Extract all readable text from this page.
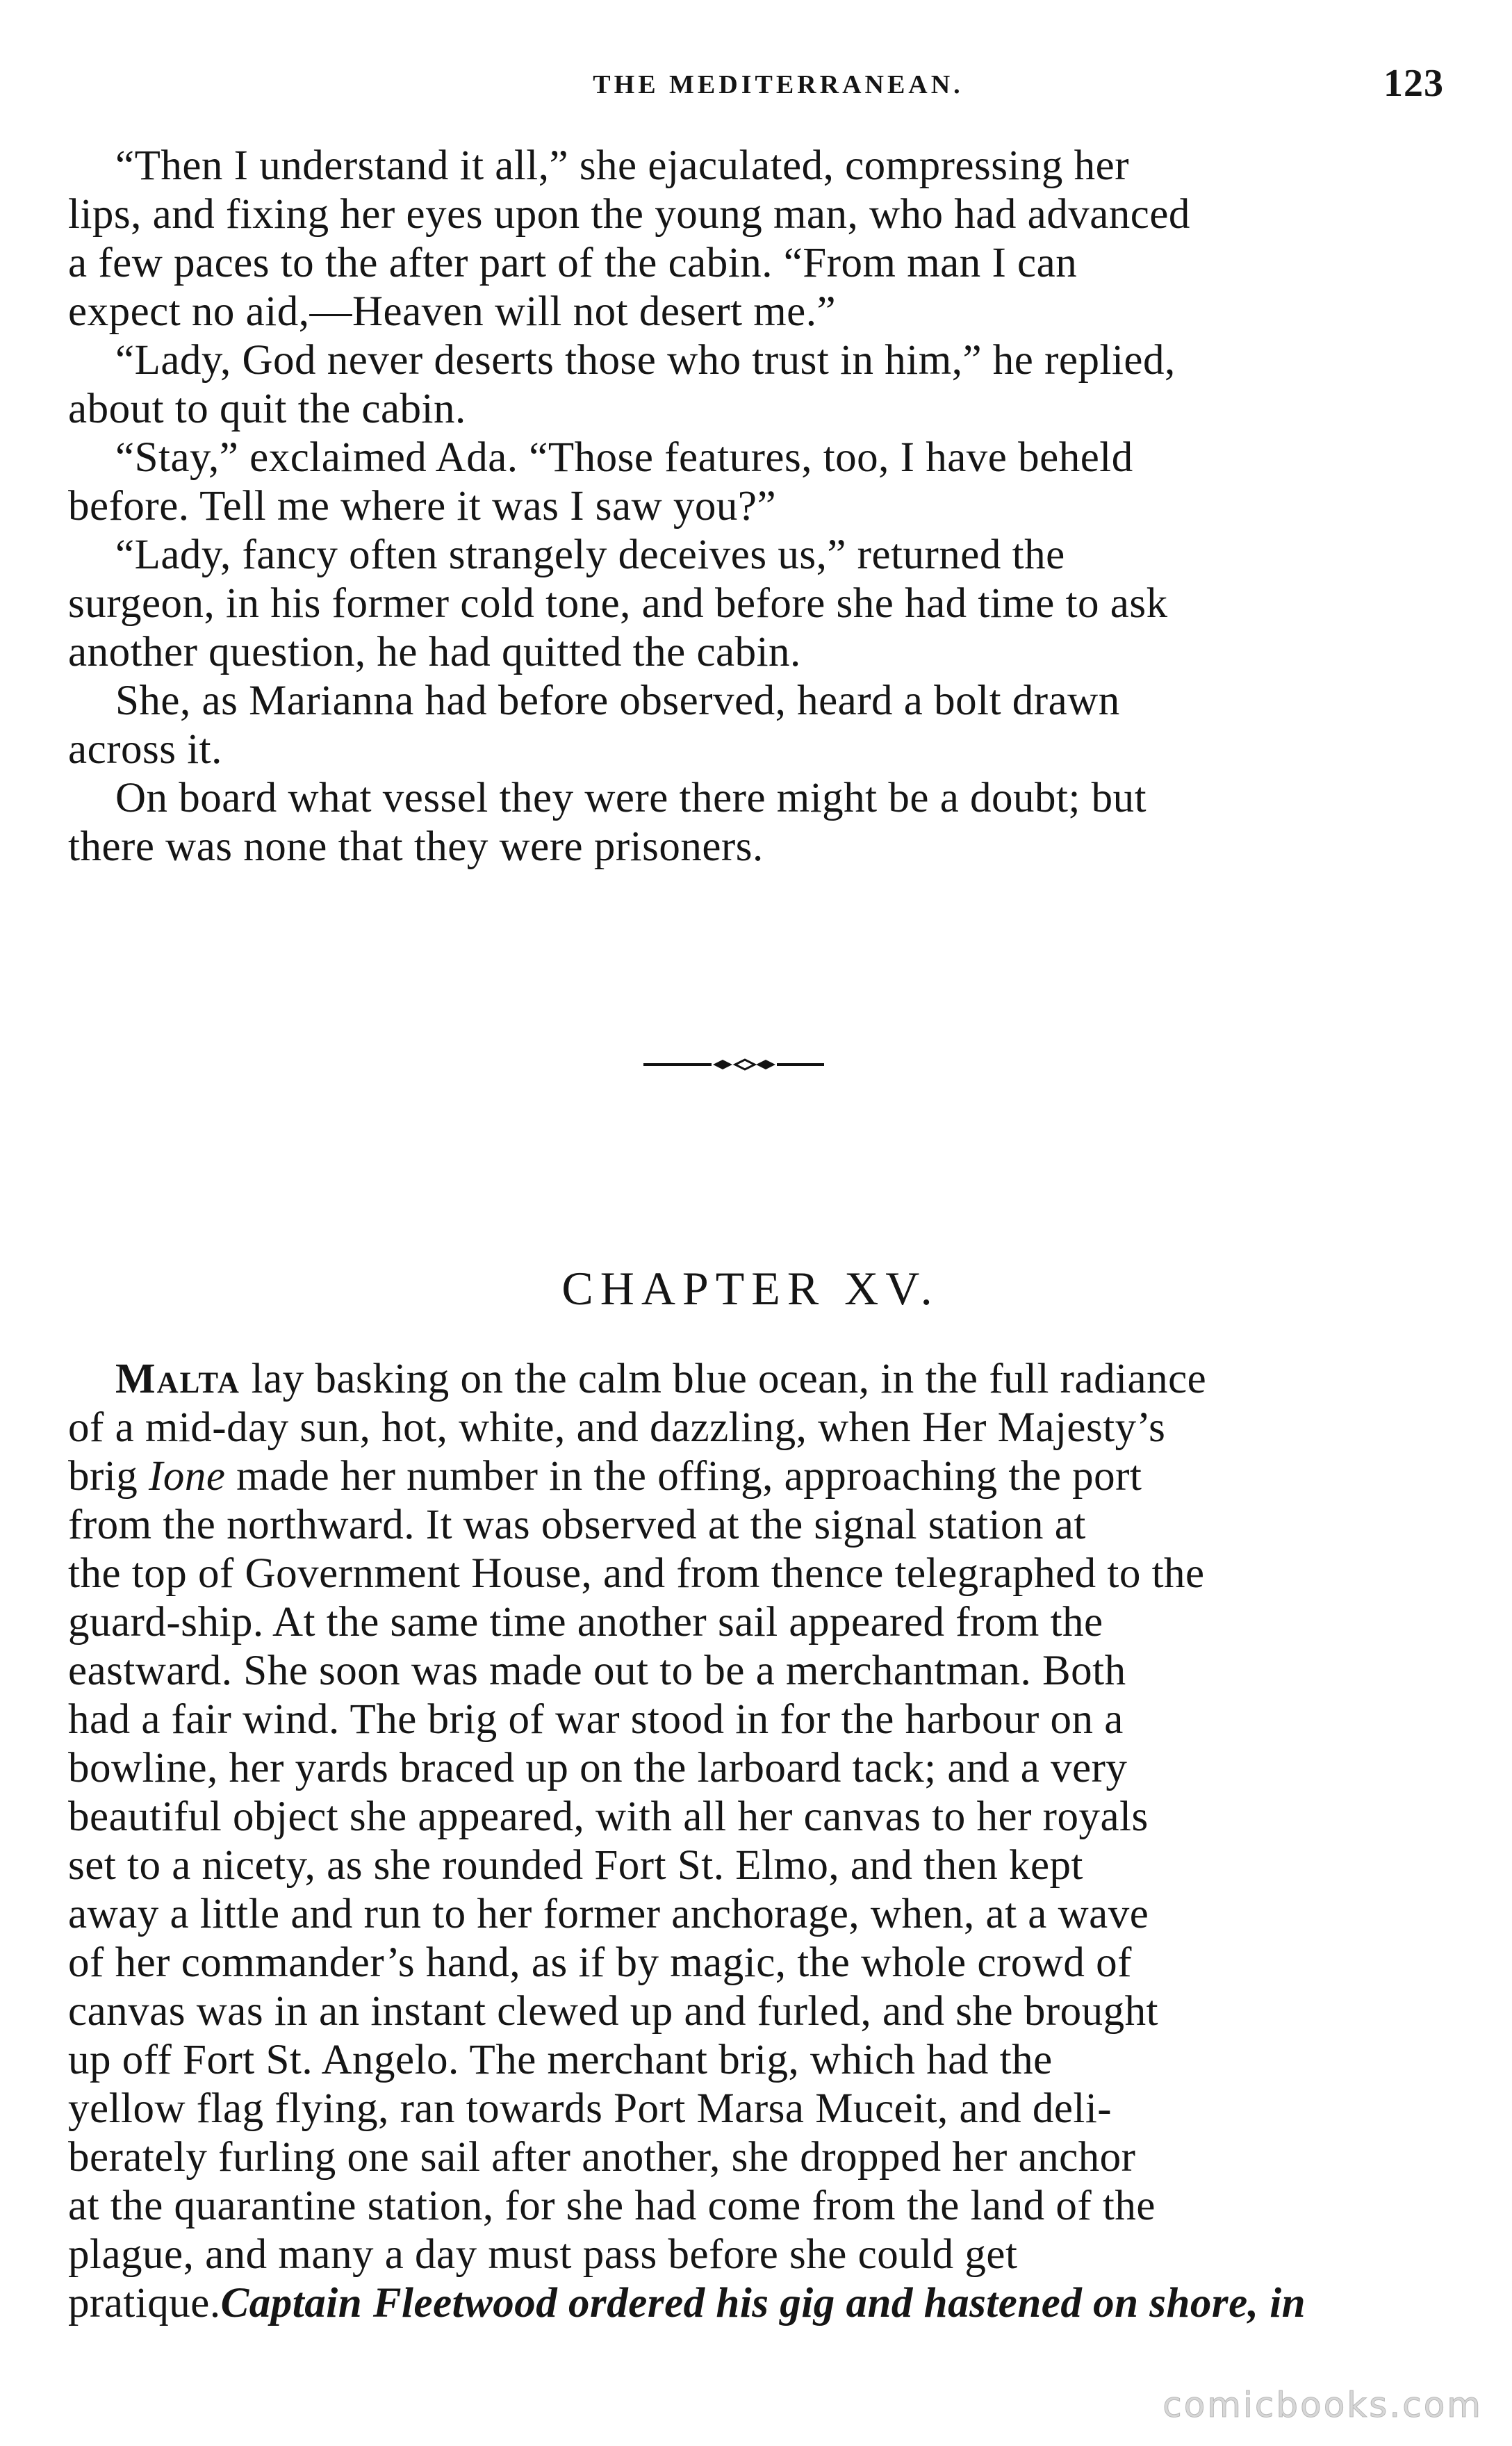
THE MEDITERRANEAN.	123

“Then I understand it all,” she ejaculated, compressing her
lips, and fixing her eyes upon the young man, who had advanced
a few paces to the after part of the cabin. “From man I can
expect no aid,—Heaven will not desert me.”

“Lady, God never deserts those who trust in him,” he replied,
about to quit the cabin.

“Stay,” exclaimed Ada. “Those features, too, I have beheld
before. Tell me where it was I saw you?”

“Lady, fancy often strangely deceives us,” returned the
surgeon, in his former cold tone, and before she had time to ask
another question, he had quitted the cabin.

She, as Marianna had before observed, heard a bolt drawn
across it.

On board what vessel they were there might be a doubt; but
there was none that they were prisoners.

CHAPTER XV.

Malta lay basking on the calm blue ocean, in the full radiance
of a mid-day sun, hot, white, and dazzling, when Her Majesty’s
brig Ione made her number in the offing, approaching the port
from the northward. It was observed at the signal station at
the top of Government House, and from thence telegraphed to the
guard-ship. At the same time another sail appeared from the
eastward. She soon was made out to be a merchantman. Both
had a fair wind. The brig of war stood in for the harbour on a
bowline, her yards braced up on the larboard tack; and a very
beautiful object she appeared, with all her canvas to her royals
set to a nicety, as she rounded Fort St. Elmo, and then kept
away a little and run to her former anchorage, when, at a wave
of her commander’s hand, as if by magic, the whole crowd of
canvas was in an instant clewed up and furled, and she brought
up off Fort St. Angelo. The merchant brig, which had the
yellow flag flying, ran towards Port Marsa Muceit, and deli-
berately furling one sail after another, she dropped her anchor
at the quarantine station, for she had come from the land of the
plague, and many a day must pass before she could get
pratique.Captain Fleetwood ordered his gig and hastened on shore, in

comicbooks.com
